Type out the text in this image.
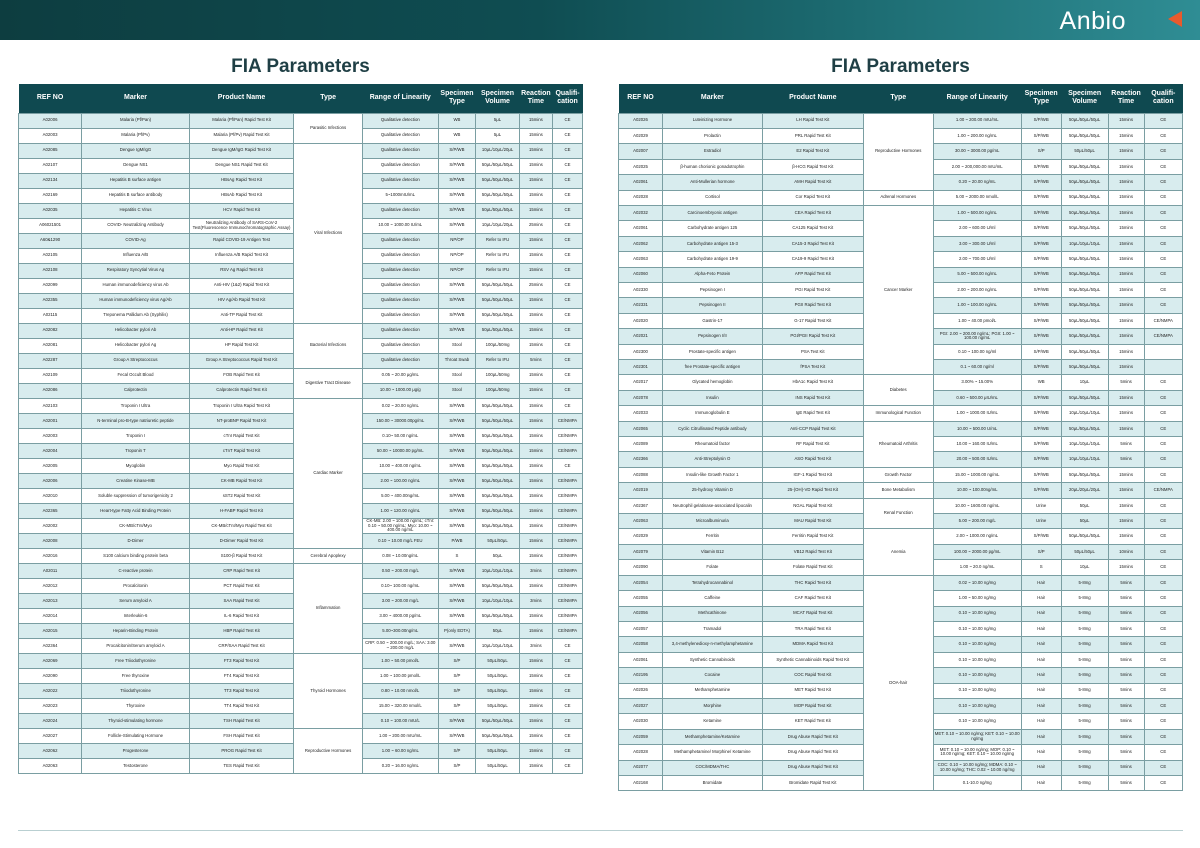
Anbio
FIA Parameters
REF NO	Marker	Product Name	Type	Range of Linearity	Specimen Type	Specimen Volume	Reaction Time	Qualifi-cation
A02006	Malaria (Pf/Pan)	Malaria (Pf/Pan) Rapid Test Kit	Parasitic Infections	Qualitative detection	WB	5μL	15mins	CE
A02003	Malaria (Pf/Pv)	Malaria (Pf/Pv) Rapid Test Kit		Qualitative detection	WB	5μL	15mins	CE
A02085	Dengue IgM/IgG	Dengue IgM/IgG Rapid Test Kit	Viral Infections	Qualitative detection	S/P/WB	10μL/10μL/20μL	15mins	CE
A02107	Dengue NS1	Dengue NS1 Rapid Test Kit		Qualitative detection	S/P/WB	50μL/50μL/50μL	15mins	CE
A02134	Hepatitis B surface antigen	HBsAg Rapid Test Kit		Qualitative detection	S/P/WB	50μL/50μL/50μL	15mins	CE
A02169	Hepatitis B surface antibody	HBsAb Rapid Test Kit		5~1000mIU/mL	S/P/WB	50μL/50μL/50μL	15mins	CE
A02035	Hepatitis C Virus	HCV Rapid Test Kit		Qualitative detection	S/P/WB	50μL/50μL/50μL	15mins	CE
A06021501	COVID- Neutralizing Antibody	Neutralizing Antibody of SARS-CoV-2 Test(Fluorescence Immunochromatographic Assay)		10.00 ~ 1000.00 IU/mL	S/P/WB	10μL/10μL/20μL	25mins	CE
A60&1290	COVID-Ag	Rapid COVID-19 Antigen Test		Qualitative detection	NP/OP	Refer to IFU	15mins	CE
A02105	Influenza A/B	Influenza A/B Rapid Test Kit		Qualitative detection	NP/OP	Refer to IFU	15mins	CE
A02108	Respiratory Syncytial Virus Ag	RSV Ag Rapid Test Kit		Qualitative detection	NP/OP	Refer to IFU	15mins	CE
A02099	Human immunodeficiency virus Ab	Anti-HIV (1&2) Rapid Test Kit		Qualitative detection	S/P/WB	50μL/50μL/50μL	25mins	CE
A02355	Human immunodeficiency virus Ag/Ab	HIV Ag/Ab Rapid Test Kit		Qualitative detection	S/P/WB	50μL/50μL/50μL	15mins	CE
A02115	Treponema Pallidum Ab (Syphilis)	Anti-TP Rapid Test Kit		Qualitative detection	S/P/WB	50μL/50μL/50μL	15mins	CE
A02082	Helicobacter pylori Ab	Anti-HP Rapid Test Kit	Bacterial Infections	Qualitative detection	S/P/WB	50μL/50μL/50μL	15mins	CE
A02081	Helicobacter pylori Ag	HP Rapid Test Kit		Qualitative detection	Stool	100μL/50mg	15mins	CE
A02287	Group A Streptococcus	Group A Streptococcus Rapid Test Kit		Qualitative detection	Throat Swab	Refer to IFU	5mins	CE
A02109	Fecal Occult Blood	FOB Rapid Test Kit	Digestive Tract Disease	0.05 ~ 20.00 μg/mL	Stool	100μL/50mg	15mins	CE
A02086	Calprotectin	Calprotectin Rapid Test Kit		10.00 ~ 1000.00 μg/g	Stool	100μL/50mg	15mins	CE
A02103	Troponin I Ultra	Troponin I Ultra Rapid Test Kit	Cardiac Marker	0.02 ~ 20.00 ng/mL	S/P/WB	50μL/50μL/50μL	15mins	CE
A02001	N-terminal pro-B-type natriuretic peptide	NT-proBNP Rapid Test Kit		150.00 ~ 30000.00pg/mL	S/P/WB	50μL/50μL/50μL	15mins	CE/NMPA
A02003	Troponin I	cTnI Rapid Test Kit		0.10~ 50.00 ng/mL	S/P/WB	50μL/50μL/50μL	15mins	CE/NMPA
A02004	Troponin T	cTnT Rapid Test Kit		50.00 ~ 10000.00 pg/mL	S/P/WB	50μL/50μL/50μL	15mins	CE/NMPA
A02005	Myoglobin	Myo Rapid Test Kit		10.00 ~ 400.00 ng/mL	S/P/WB	50μL/50μL/50μL	15mins	CE
A02006	Creatine Kinase-MB	CK-MB Rapid Test Kit		2.00 ~ 100.00 ng/mL	S/P/WB	50μL/50μL/50μL	15mins	CE/NMPA
A02010	Soluble suppression of tumorigenicity 2	sST2 Rapid Test Kit		5.00 ~ 400.00ng/mL	S/P/WB	50μL/50μL/50μL	15mins	CE/NMPA
A02365	Heart-type Fatty Acid Binding Protein	H-FABP Rapid Test Kit		1.00 ~ 120.00 ng/mL	S/P/WB	50μL/50μL/50μL	15mins	CE/NMPA
A02002	CK-MB/cTnI/Myo	CK-MB/cTnI/Myo Rapid Test Kit		CK-MB: 2.00 ~ 100.00 ng/mL; cTnI: 0.10 ~ 50.00 ng/mL; Myo: 10.00 ~ 400.00 ng/mL	S/P/WB	50μL/50μL/50μL	15mins	CE/NMPA
A02008	D-Dimer	D-Dimer Rapid Test Kit		0.10 ~ 10.00 mg/L FEU	P/WB	50μL/50μL	15mins	CE/NMPA
A02016	S100 calcium binding protein beta	S100-β Rapid Test Kit	Cerebral Apoplexy	0.08 ~ 10.00ng/mL	S	50μL	15mins	CE/NMPA
A02011	C-reactive protein	CRP Rapid Test Kit	Inflammation	0.50 ~ 200.00 mg/L	S/P/WB	10μL/10μL/10μL	3mins	CE/NMPA
A02012	Procalcitonin	PCT Rapid Test Kit		0.10~ 100.00 ng/mL	S/P/WB	50μL/50μL/50μL	15mins	CE/NMPA
A02013	Serum amyloid A	SAA Rapid Test Kit		3.00 ~ 200.00 mg/L	S/P/WB	10μL/10μL/10μL	3mins	CE/NMPA
A02014	Interleukin-6	IL-6 Rapid Test Kit		3.00 ~ 4000.00 pg/mL	S/P/WB	50μL/50μL/50μL	15mins	CE/NMPA
A02015	Heparin-Binding Protein	HBP Rapid Test Kit		5.00~300.00ng/mL	P(only EDTA)	50μL	15mins	CE/NMPA
A02364	Procalcitonin/Serum amyloid A	CRP/SAA Rapid Test Kit		CRP: 0.50 ~ 200.00 mg/L; SAA: 3.00 ~ 200.00 mg/L	S/P/WB	10μL/10μL/10μL	3mins	CE
A02069	Free Triiodothyronine	FT3 Rapid Test Kit	Thyroid Hormones	1.00 ~ 50.00 pmol/L	S/P	50μL/50μL	15mins	CE
A02090	Free thyroxine	FT4 Rapid Test Kit		1.00 ~ 100.00 pmol/L	S/P	50μL/50μL	15mins	CE
A02022	Triiodothyronine	TT3 Rapid Test Kit		0.80 ~ 10.00 nmol/L	S/P	50μL/50μL	15mins	CE
A02023	Thyroxine	TT4 Rapid Test Kit		15.00 ~ 320.00 nmol/L	S/P	50μL/50μL	15mins	CE
A02024	Thyroid-stimulating hormone	TSH Rapid Test Kit		0.10 ~ 100.00 mIU/L	S/P/WB	50μL/50μL/50μL	15mins	CE
A02027	Follicle-Stimulating Hormone	FSH Rapid Test Kit	Reproductive Hormones	1.00 ~ 200.00 mIU/mL	S/P/WB	50μL/50μL/50μL	15mins	CE
A02062	Progesterone	PROG Rapid Test Kit		1.00 ~ 60.00 ng/mL	S/P	50μL/50μL	15mins	CE
A02063	Testosterone	TES Rapid Test Kit		0.20 ~ 16.00 ng/mL	S/P	50μL/50μL	15mins	CE
FIA Parameters
REF NO	Marker	Product Name	Type	Range of Linearity	Specimen Type	Specimen Volume	Reaction Time	Qualifi-cation
A02026	Luteinizing Hormone	LH Rapid Test Kit	Reproductive Hormones	1.00 ~ 200.00 mIU/mL	S/P/WB	50μL/50μL/50μL	15mins	CE
A02029	Prolactin	PRL Rapid Test Kit		1.00 ~ 200.00 ng/mL	S/P/WB	50μL/50μL/50μL	15mins	CE
A02007	Estradiol	E2 Rapid Test Kit		30.00 ~ 3000.00 pg/mL	S/P	50μL/50μL	15mins	CE
A02025	β-human chorionic gonadotrophin	β-HCG Rapid Test Kit		2.00 ~ 200,000.00 mIU/mL	S/P/WB	50μL/50μL/50μL	15mins	CE
A02061	Anti-Mullerian hormone	AMH Rapid Test Kit		0.20 ~ 20.00 ng/mL	S/P/WB	50μL/50μL/50μL	15mins	CE
A02028	Cortisol	Cor Rapid Test Kit	Adrenal Hormones	5.00 ~ 2000.00 nmol/L	S/P/WB	50μL/50μL/50μL	15mins	CE
A02032	Carcinoembryonic antigen	CEA Rapid Test Kit	Cancer Marker	1.00 ~ 500.00 ng/mL	S/P/WB	50μL/50μL/50μL	15mins	CE
A02061	Carbohydrate antigen 125	CA125 Rapid Test Kit		2.00 ~ 600.00 U/ml	S/P/WB	50μL/50μL/50μL	15mins	CE
A02062	Carbohydrate antigen 15-3	CA15-3 Rapid Test Kit		3.00 ~ 300.00 U/ml	S/P/WB	10μL/10μL/10μL	15mins	CE
A02063	Carbohydrate antigen 19-9	CA19-9 Rapid Test Kit		2.00 ~ 700.00 U/ml	S/P/WB	50μL/50μL/50μL	15mins	CE
A02060	Alpha-Feto Protein	AFP Rapid Test Kit		5.00 ~ 500.00 ng/mL	S/P/WB	50μL/50μL/50μL	15mins	CE
A02330	Pepsinogen I	PGI Rapid Test Kit		2.00 ~ 200.00 ng/mL	S/P/WB	50μL/50μL/50μL	15mins	CE
A02331	Pepsinogen II	PGII Rapid Test Kit		1.00 ~ 100.00 ng/mL	S/P/WB	50μL/50μL/50μL	15mins	CE
A02020	Gastrin-17	G-17 Rapid Test Kit		1.00 ~ 40.00 pmol/L	S/P/WB	50μL/50μL/50μL	15mins	CE/NMPA
A02021	Pepsinogen I/II	PGI/PGII Rapid Test Kit		PGI: 2.00 ~ 200.00 ng/mL; PGII: 1.00 ~ 100.00 ng/mL	S/P/WB	50μL/50μL/50μL	15mins	CE/NMPA
A02300	Prostate-specific antigen	PSA Test Kit		0.10 ~ 100.00 ng/ml	S/P/WB	50μL/50μL/50μL	15mins	
A02301	free Prostate-specific antigen	fPSA Test Kit		0.1 ~ 60.00 ng/ml	S/P/WB	50μL/50μL/50μL	15mins	
A02017	Glycated hemoglobin	HbA1c Rapid Test Kit	Diabetes	3.00% ~ 15.00%	WB	10μL	5mins	CE
A02078	Insulin	INS Rapid Test Kit		0.60 ~ 500.00 μIU/mL	S/P/WB	50μL/50μL/50μL	15mins	CE
A02033	Immunoglobulin E	IgE Rapid Test Kit	Immunological Function	1.00 ~ 1000.00 IU/mL	S/P/WB	10μL/10μL/10μL	15mins	CE
A02065	Cyclic Citrullinated Peptide antibody	Anti-CCP Rapid Test Kit	Rheumatoid Arthritis	10.00 ~ 500.00 U/mL	S/P/WB	50μL/50μL/50μL	15mins	CE
A02089	Rheumatoid factor	RF Rapid Test Kit		10.00 ~ 160.00 IU/mL	S/P/WB	10μL/10μL/10μL	5mins	CE
A02366	Anti-Streptolysin O	ASO Rapid Test Kit		20.00 ~ 500.00 IU/mL	S/P/WB	10μL/10μL/10μL	5mins	CE
A02088	Insulin-like Growth Factor 1	IGF-1 Rapid Test Kit	Growth Factor	15.00 ~ 1000.00 ng/mL	S/P/WB	50μL/50μL/50μL	15mins	CE
A02019	25-hydroxy Vitamin D	25-(OH)-VD Rapid Test Kit	Bone Metabolism	10.00 ~ 100.00ng/mL	S/P/WB	20μL/20μL/20μL	15mins	CE/NMPA
A02367	Neutrophil gelatinase-associated lipocalin	NGAL Rapid Test Kit	Renal Function	10.00 ~ 1600.00 ng/mL	Urine	50μL	15mins	CE
A02063	Microalbuminuria	MAU Rapid Test Kit		5.00 ~ 200.00 mg/L	Urine	50μL	15mins	CE
A02029	Ferritin	Ferritin Rapid Test Kit	Anemia	2.00 ~ 1000.00 ng/mL	S/P/WB	50μL/50μL/50μL	15mins	CE
A02079	Vitamin B12	VB12 Rapid Test Kit		100.00 ~ 2000.00 pg/mL	S/P	50μL/50μL	10mins	CE
A02090	Folate	Folate Rapid Test Kit		1.00 ~ 20.0 ng/mL	S	10μL	15mins	CE
A02054	Tetrahydrocannabinol	THC Rapid Test Kit	DOA-hair	0.02 ~ 10.00 ng/mg	Hair	5-8mg	5mins	CE
A02055	Caffeine	CAF Rapid Test Kit		1.00 ~ 50.00 ng/mg	Hair	5-8mg	5mins	CE
A02056	Methcathinone	MCAT Rapid Test Kit		0.10 ~ 10.00 ng/mg	Hair	5-8mg	5mins	CE
A02057	Tramadol	TRA Rapid Test Kit		0.10 ~ 10.00 ng/mg	Hair	5-8mg	5mins	CE
A02058	3,4-methylenedioxy-n-methylamphetamine	MDMA Rapid Test Kit		0.10 ~ 10.00 ng/mg	Hair	5-8mg	5mins	CE
A02061	Synthetic Cannabinoids	Synthetic Cannabinoids Rapid Test Kit		0.10 ~ 10.00 ng/mg	Hair	5-8mg	5mins	CE
A02195	Cocaine	COC Rapid Test Kit		0.10 ~ 10.00 ng/mg	Hair	5-8mg	5mins	CE
A02026	Methamphetamine	MET Rapid Test Kit		0.10 ~ 10.00 ng/mg	Hair	5-8mg	5mins	CE
A02027	Morphine	MOP Rapid Test Kit		0.10 ~ 10.00 ng/mg	Hair	5-8mg	5mins	CE
A02030	Ketamine	KET Rapid Test Kit		0.10 ~ 10.00 ng/mg	Hair	5-8mg	5mins	CE
A02059	Methamphetamine/Ketamine	Drug Abuse Rapid Test Kit		MET: 0.10 ~ 10.00 ng/mg; KET: 0.10 ~ 10.00 ng/mg	Hair	5-8mg	5mins	CE
A02028	Methamphetamine/ Morphine/ Ketamine	Drug Abuse Rapid Test Kit		MET: 0.10 ~ 10.00 ng/mg; MOP: 0.10 ~ 10.00 ng/mg; KET: 0.10 ~ 10.00 ng/mg	Hair	5-8mg	5mins	CE
A02077	COC/MDMA/THC	Drug Abuse Rapid Test Kit		COC: 0.10 ~ 10.00 ng/mg; MDMA: 0.10 ~ 10.00 ng/mg; THC: 0.02 ~ 10.00 ng/mg	Hair	5-8mg	5mins	CE
A02168	Bromidate	Bromidate Rapid Test Kit		0.1-10.0 ng/mg	Hair	5-8mg	5mins	CE
